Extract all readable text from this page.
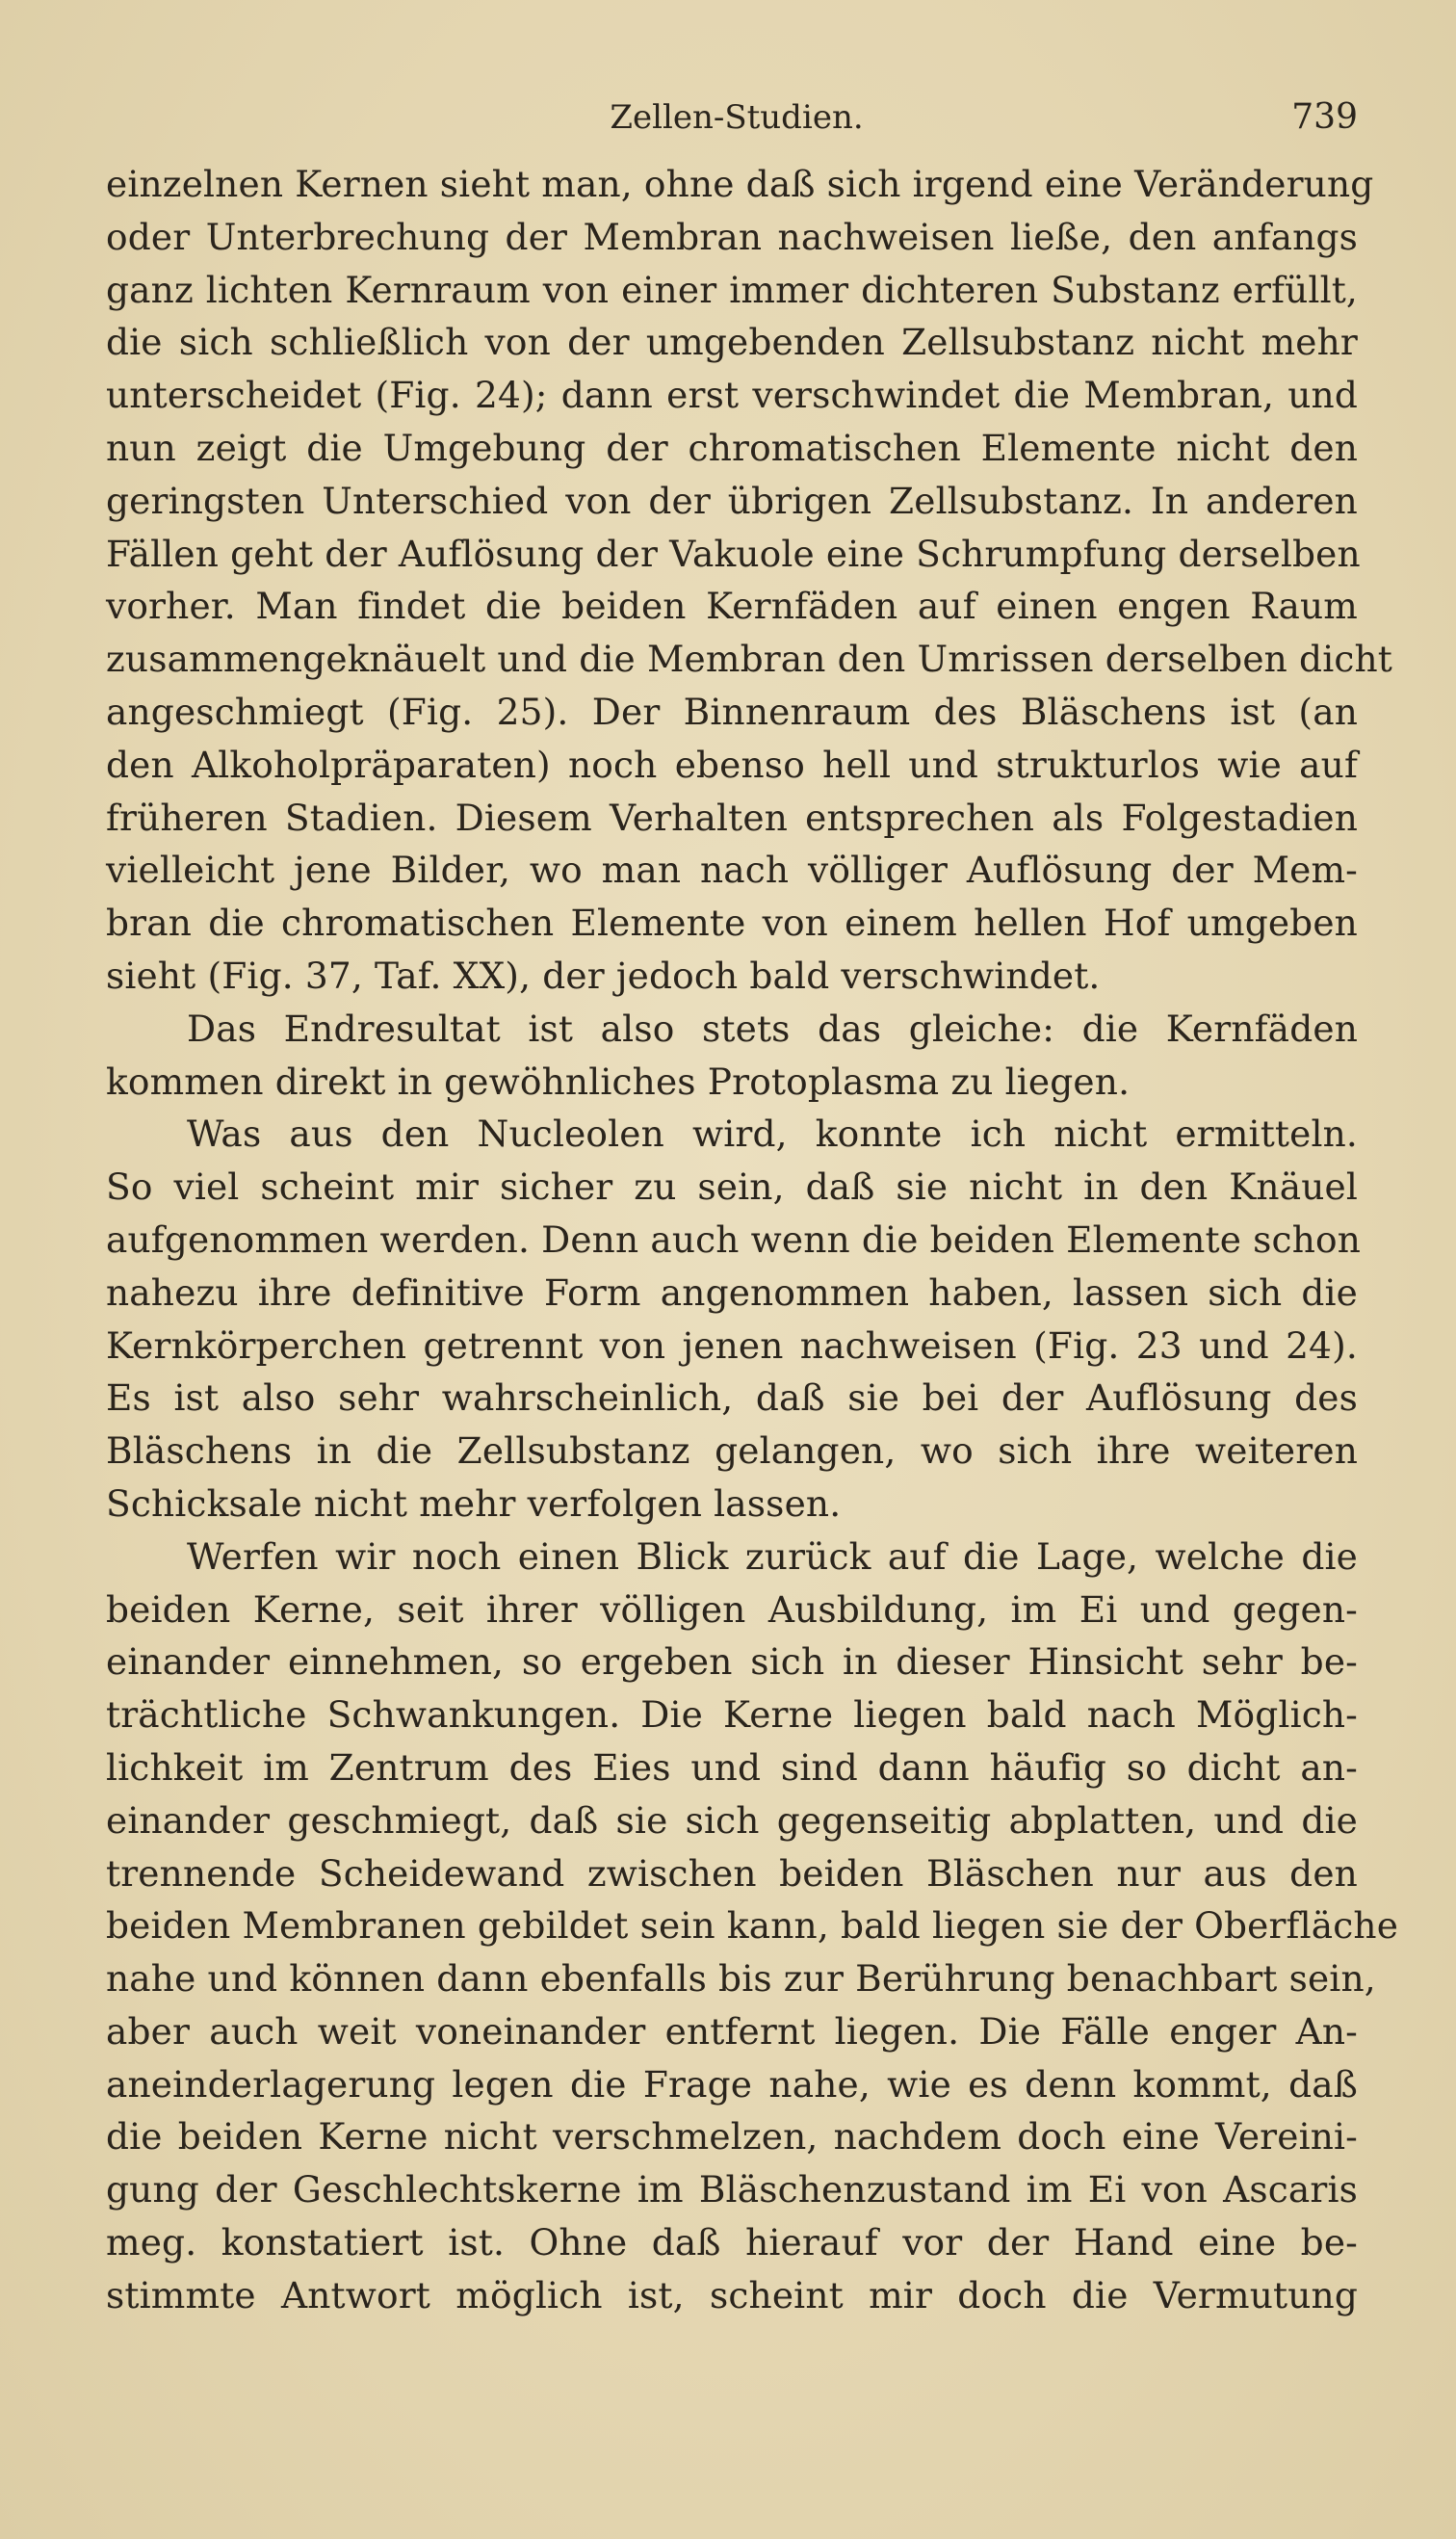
Zellen-Studien.	739
einzelnen Kernen sieht man, ohne daß sich irgend eine Veränderung
oder Unterbrechung der Membran nachweisen ließe, den anfangs
ganz lichten Kernraum von einer immer dichteren Substanz erfüllt,
die sich schließlich von der umgebenden Zellsubstanz nicht mehr
unterscheidet (Fig. 24); dann erst verschwindet die Membran, und
nun zeigt die Umgebung der chromatischen Elemente nicht den
geringsten Unterschied von der übrigen Zellsubstanz. In anderen
Fällen geht der Auflösung der Vakuole eine Schrumpfung derselben
vorher. Man findet die beiden Kernfäden auf einen engen Raum
zusammengeknäuelt und die Membran den Umrissen derselben dicht
angeschmiegt (Fig. 25). Der Binnenraum des Bläschens ist (an
den Alkoholpräparaten) noch ebenso hell und strukturlos wie auf
früheren Stadien. Diesem Verhalten entsprechen als Folgestadien
vielleicht jene Bilder, wo man nach völliger Auflösung der Mem-
bran die chromatischen Elemente von einem hellen Hof umgeben
sieht (Fig. 37, Taf. XX), der jedoch bald verschwindet.
Das Endresultat ist also stets das gleiche: die Kernfäden
kommen direkt in gewöhnliches Protoplasma zu liegen.
Was aus den Nucleolen wird, konnte ich nicht ermitteln.
So viel scheint mir sicher zu sein, daß sie nicht in den Knäuel
aufgenommen werden. Denn auch wenn die beiden Elemente schon
nahezu ihre definitive Form angenommen haben, lassen sich die
Kernkörperchen getrennt von jenen nachweisen (Fig. 23 und 24).
Es ist also sehr wahrscheinlich, daß sie bei der Auflösung des
Bläschens in die Zellsubstanz gelangen, wo sich ihre weiteren
Schicksale nicht mehr verfolgen lassen.
Werfen wir noch einen Blick zurück auf die Lage, welche die
beiden Kerne, seit ihrer völligen Ausbildung, im Ei und gegen-
einander einnehmen, so ergeben sich in dieser Hinsicht sehr be-
trächtliche Schwankungen. Die Kerne liegen bald nach Möglich-
lichkeit im Zentrum des Eies und sind dann häufig so dicht an-
einander geschmiegt, daß sie sich gegenseitig abplatten, und die
trennende Scheidewand zwischen beiden Bläschen nur aus den
beiden Membranen gebildet sein kann, bald liegen sie der Oberfläche
nahe und können dann ebenfalls bis zur Berührung benachbart sein,
aber auch weit voneinander entfernt liegen. Die Fälle enger An-
aneinderlagerung legen die Frage nahe, wie es denn kommt, daß
die beiden Kerne nicht verschmelzen, nachdem doch eine Vereini-
gung der Geschlechtskerne im Bläschenzustand im Ei von Ascaris
meg. konstatiert ist. Ohne daß hierauf vor der Hand eine be-
stimmte Antwort möglich ist, scheint mir doch die Vermutung
